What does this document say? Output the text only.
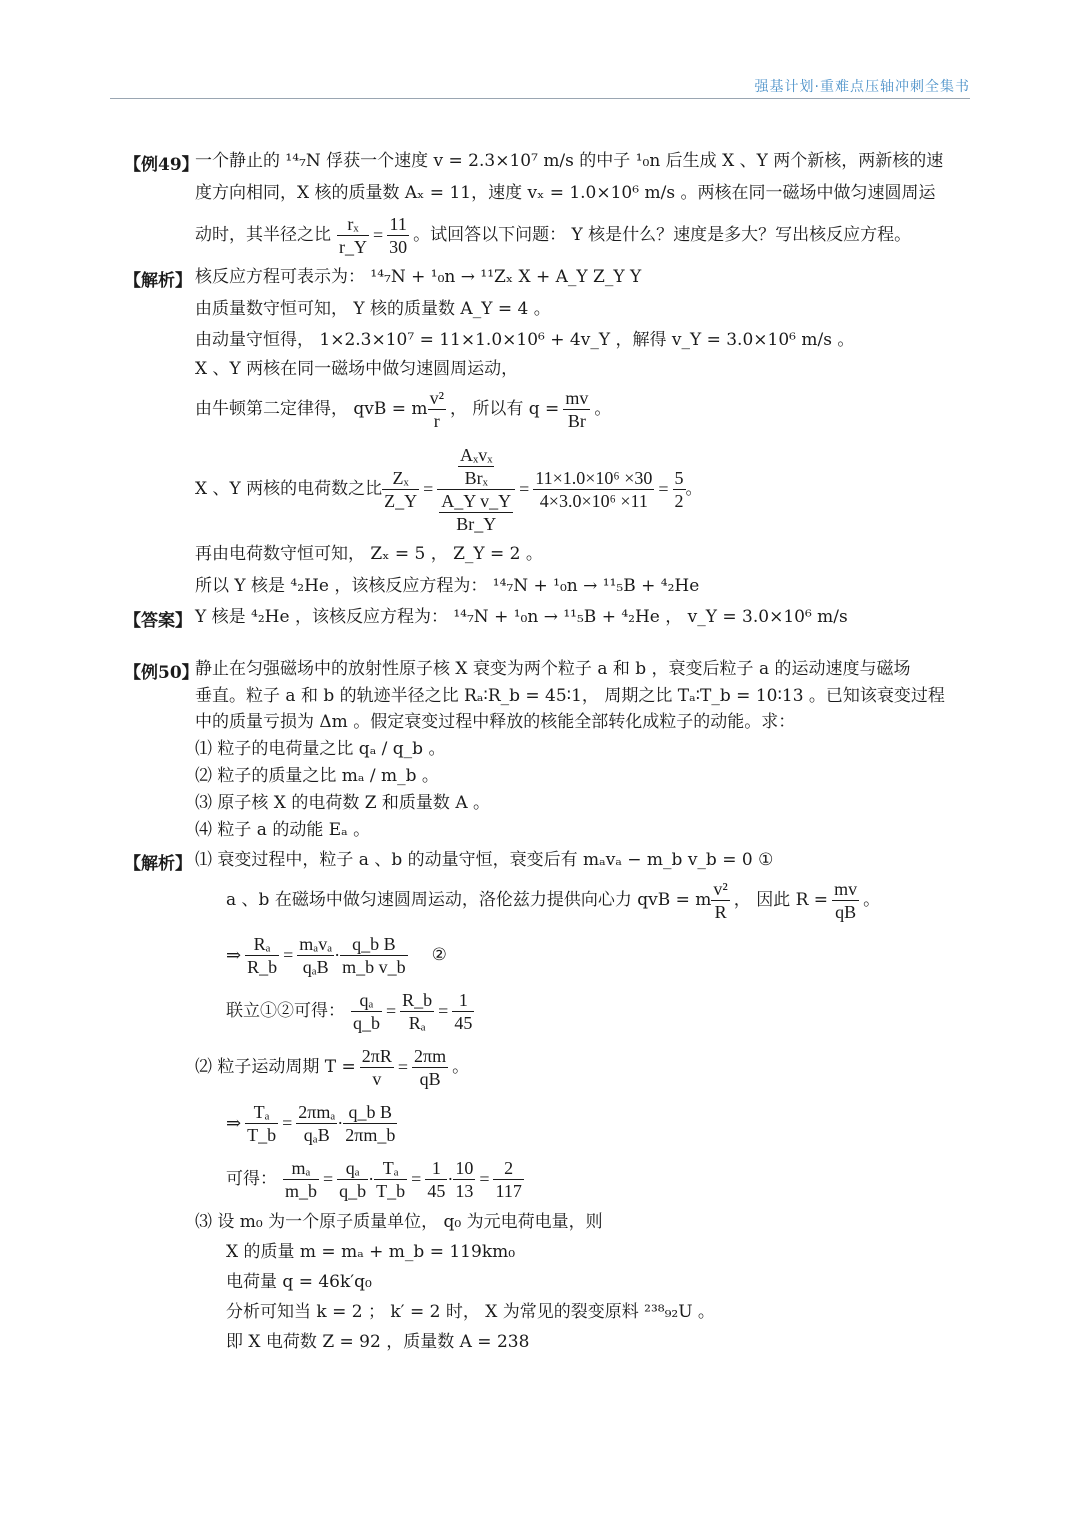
强基计划·重难点压轴冲刺全集书
【例49】
一个静止的 ¹⁴₇N 俘获一个速度 v = 2.3×10⁷ m/s 的中子 ¹₀n 后生成 X 、Y 两个新核，两新核的速
度方向相同，X 核的质量数 Aₓ = 11，速度 vₓ = 1.0×10⁶ m/s 。两核在同一磁场中做匀速圆周运
动时，其半径之比 $\frac{\text{rₓ}}{r\_Y} = \frac{11}{30}$ 。试回答以下问题： Y 核是什么？速度是多大？写出核反应方程。
【解析】 核反应方程可表示为： ¹⁴₇N + ¹₀n → ¹¹Zₓ X + A_Y Z_Y Y
由质量数守恒可知， Y 核的质量数 A_Y = 4 。
由动量守恒得， 1×2.3×10⁷ = 11×1.0×10⁶ + 4v_Y ，解得 v_Y = 3.0×10⁶ m/s 。
X 、Y 两核在同一磁场中做匀速圆周运动，
由牛顿第二定律得， qvB = m $\frac{\text{v²}}{r}$ ， 所以有 $q = \frac{mv}{Br}$ 。
X 、Y 两核的电荷数之比 $\frac{\text{Zₓ}}{Z\_Y} = \frac{\frac{\text{Aₓvₓ}}{\text{Brₓ}}}{\frac{\text{A\_Y v\_Y}}{Br\_Y}} = \frac{\text{11×1.0×10⁶ ×30}}{\text{4×3.0×10⁶ ×11}} = \frac{5}{2}$ 。
再由电荷数守恒可知， Zₓ = 5 ， Z_Y = 2 。
所以 Y 核是 ⁴₂He ，该核反应方程为： ¹⁴₇N + ¹₀n → ¹¹₅B + ⁴₂He
【答案】 Y 核是 ⁴₂He ，该核反应方程为： ¹⁴₇N + ¹₀n → ¹¹₅B + ⁴₂He ， v_Y = 3.0×10⁶ m/s
【例50】
静止在匀强磁场中的放射性原子核 X 衰变为两个粒子 a 和 b ，衰变后粒子 a 的运动速度与磁场
垂直。粒子 a 和 b 的轨迹半径之比 Rₐ∶R_b = 45∶1， 周期之比 Tₐ∶T_b = 10∶13 。已知该衰变过程
中的质量亏损为 Δm 。假定衰变过程中释放的核能全部转化成粒子的动能。求：
⑴ 粒子的电荷量之比 qₐ / q_b 。
⑵ 粒子的质量之比 mₐ / m_b 。
⑶ 原子核 X 的电荷数 Z 和质量数 A 。
⑷ 粒子 a 的动能 Eₐ 。
【解析】 ⑴ 衰变过程中，粒子 a 、b 的动量守恒，衰变后有 mₐvₐ − m_b v_b = 0 ①
a 、b 在磁场中做匀速圆周运动，洛伦兹力提供向心力 qvB = m $\frac{\text{v²}}{R}$ ， 因此 $R = \frac{mv}{qB}$ 。
⇒ $\frac{\text{Rₐ}}{R\_b} = \frac{\text{mₐvₐ}}{\text{qₐB}} \cdot \frac{\text{q\_b B}}{\text{m\_b v\_b}}$ ②
联立①②可得： $\frac{\text{qₐ}}{q\_b} = \frac{R\_b}{\text{Rₐ}} = \frac{1}{45}$
⑵ 粒子运动周期 $T = \frac{2\pi R}{v} = \frac{2\pi m}{qB}$ 。
⇒ $\frac{\text{Tₐ}}{T\_b} = \frac{\text{2πmₐ}}{\text{qₐB}} \cdot \frac{\text{q\_b B}}{2\pi m\_b}$
可得： $\frac{\text{mₐ}}{m\_b} = \frac{\text{qₐ}}{q\_b} \cdot \frac{\text{Tₐ}}{T\_b} = \frac{1}{45} \cdot \frac{10}{13} = \frac{2}{117}$
⑶ 设 m₀ 为一个原子质量单位， q₀ 为元电荷电量，则
X 的质量 m = mₐ + m_b = 119km₀
电荷量 q = 46k′q₀
分析可知当 k = 2 ； k′ = 2 时， X 为常见的裂变原料 ²³⁸₉₂U 。
即 X 电荷数 Z = 92 ，质量数 A = 238
